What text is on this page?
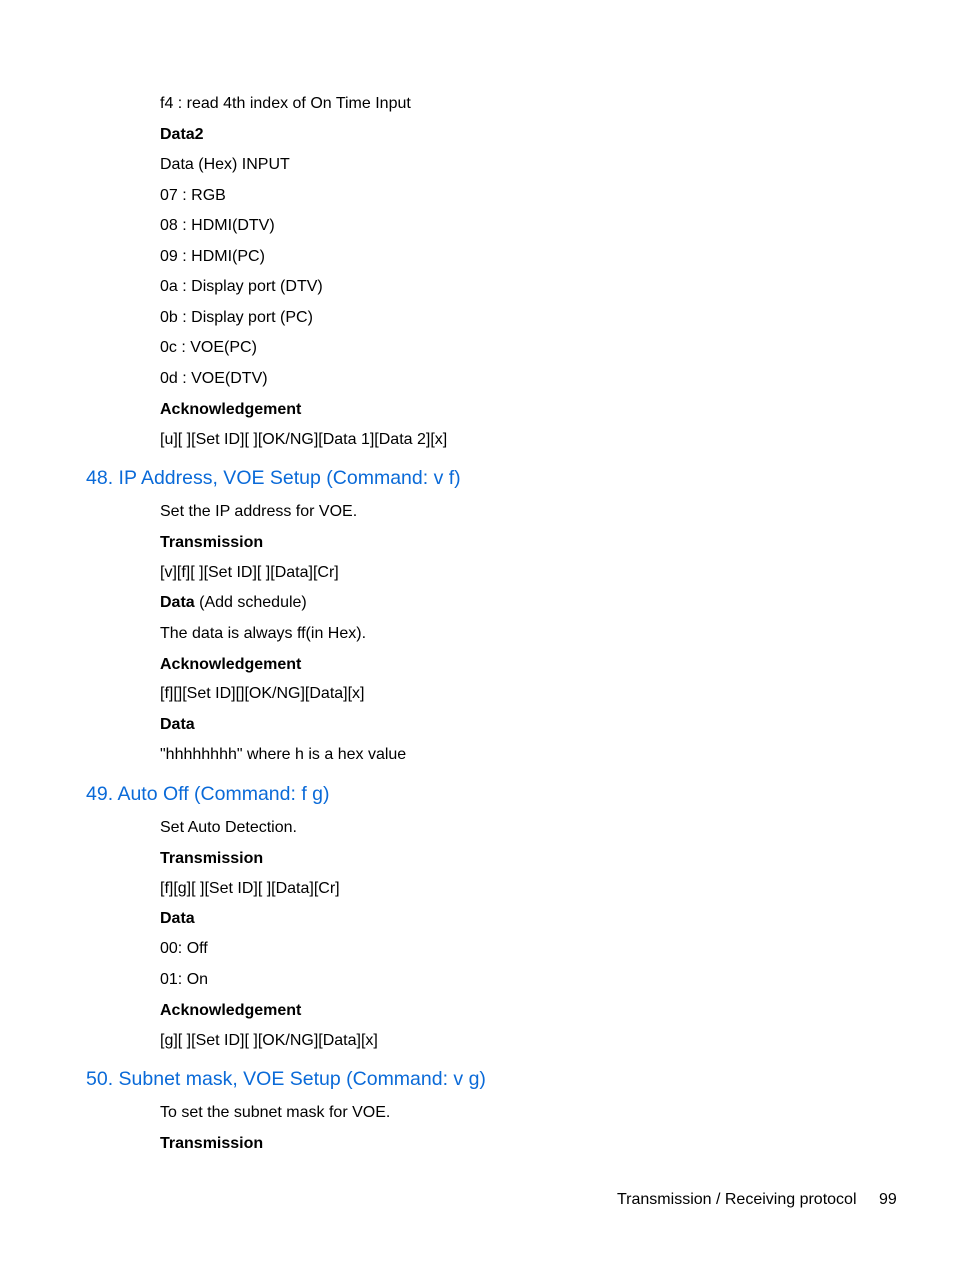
f4 : read 4th index of On Time Input
Data2
Data (Hex) INPUT
07 : RGB
08 : HDMI(DTV)
09 : HDMI(PC)
0a : Display port (DTV)
0b : Display port (PC)
0c : VOE(PC)
0d : VOE(DTV)
Acknowledgement
[u][ ][Set ID][ ][OK/NG][Data 1][Data 2][x]
48. IP Address, VOE Setup (Command: v f)
Set the IP address for VOE.
Transmission
[v][f][ ][Set ID][ ][Data][Cr]
Data (Add schedule)
The data is always ff(in Hex).
Acknowledgement
[f][][Set ID][][OK/NG][Data][x]
Data
"hhhhhhhh" where h is a hex value
49. Auto Off (Command: f g)
Set Auto Detection.
Transmission
[f][g][ ][Set ID][ ][Data][Cr]
Data
00: Off
01: On
Acknowledgement
[g][ ][Set ID][ ][OK/NG][Data][x]
50. Subnet mask, VOE Setup (Command: v g)
To set the subnet mask for VOE.
Transmission
Transmission / Receiving protocol 99
